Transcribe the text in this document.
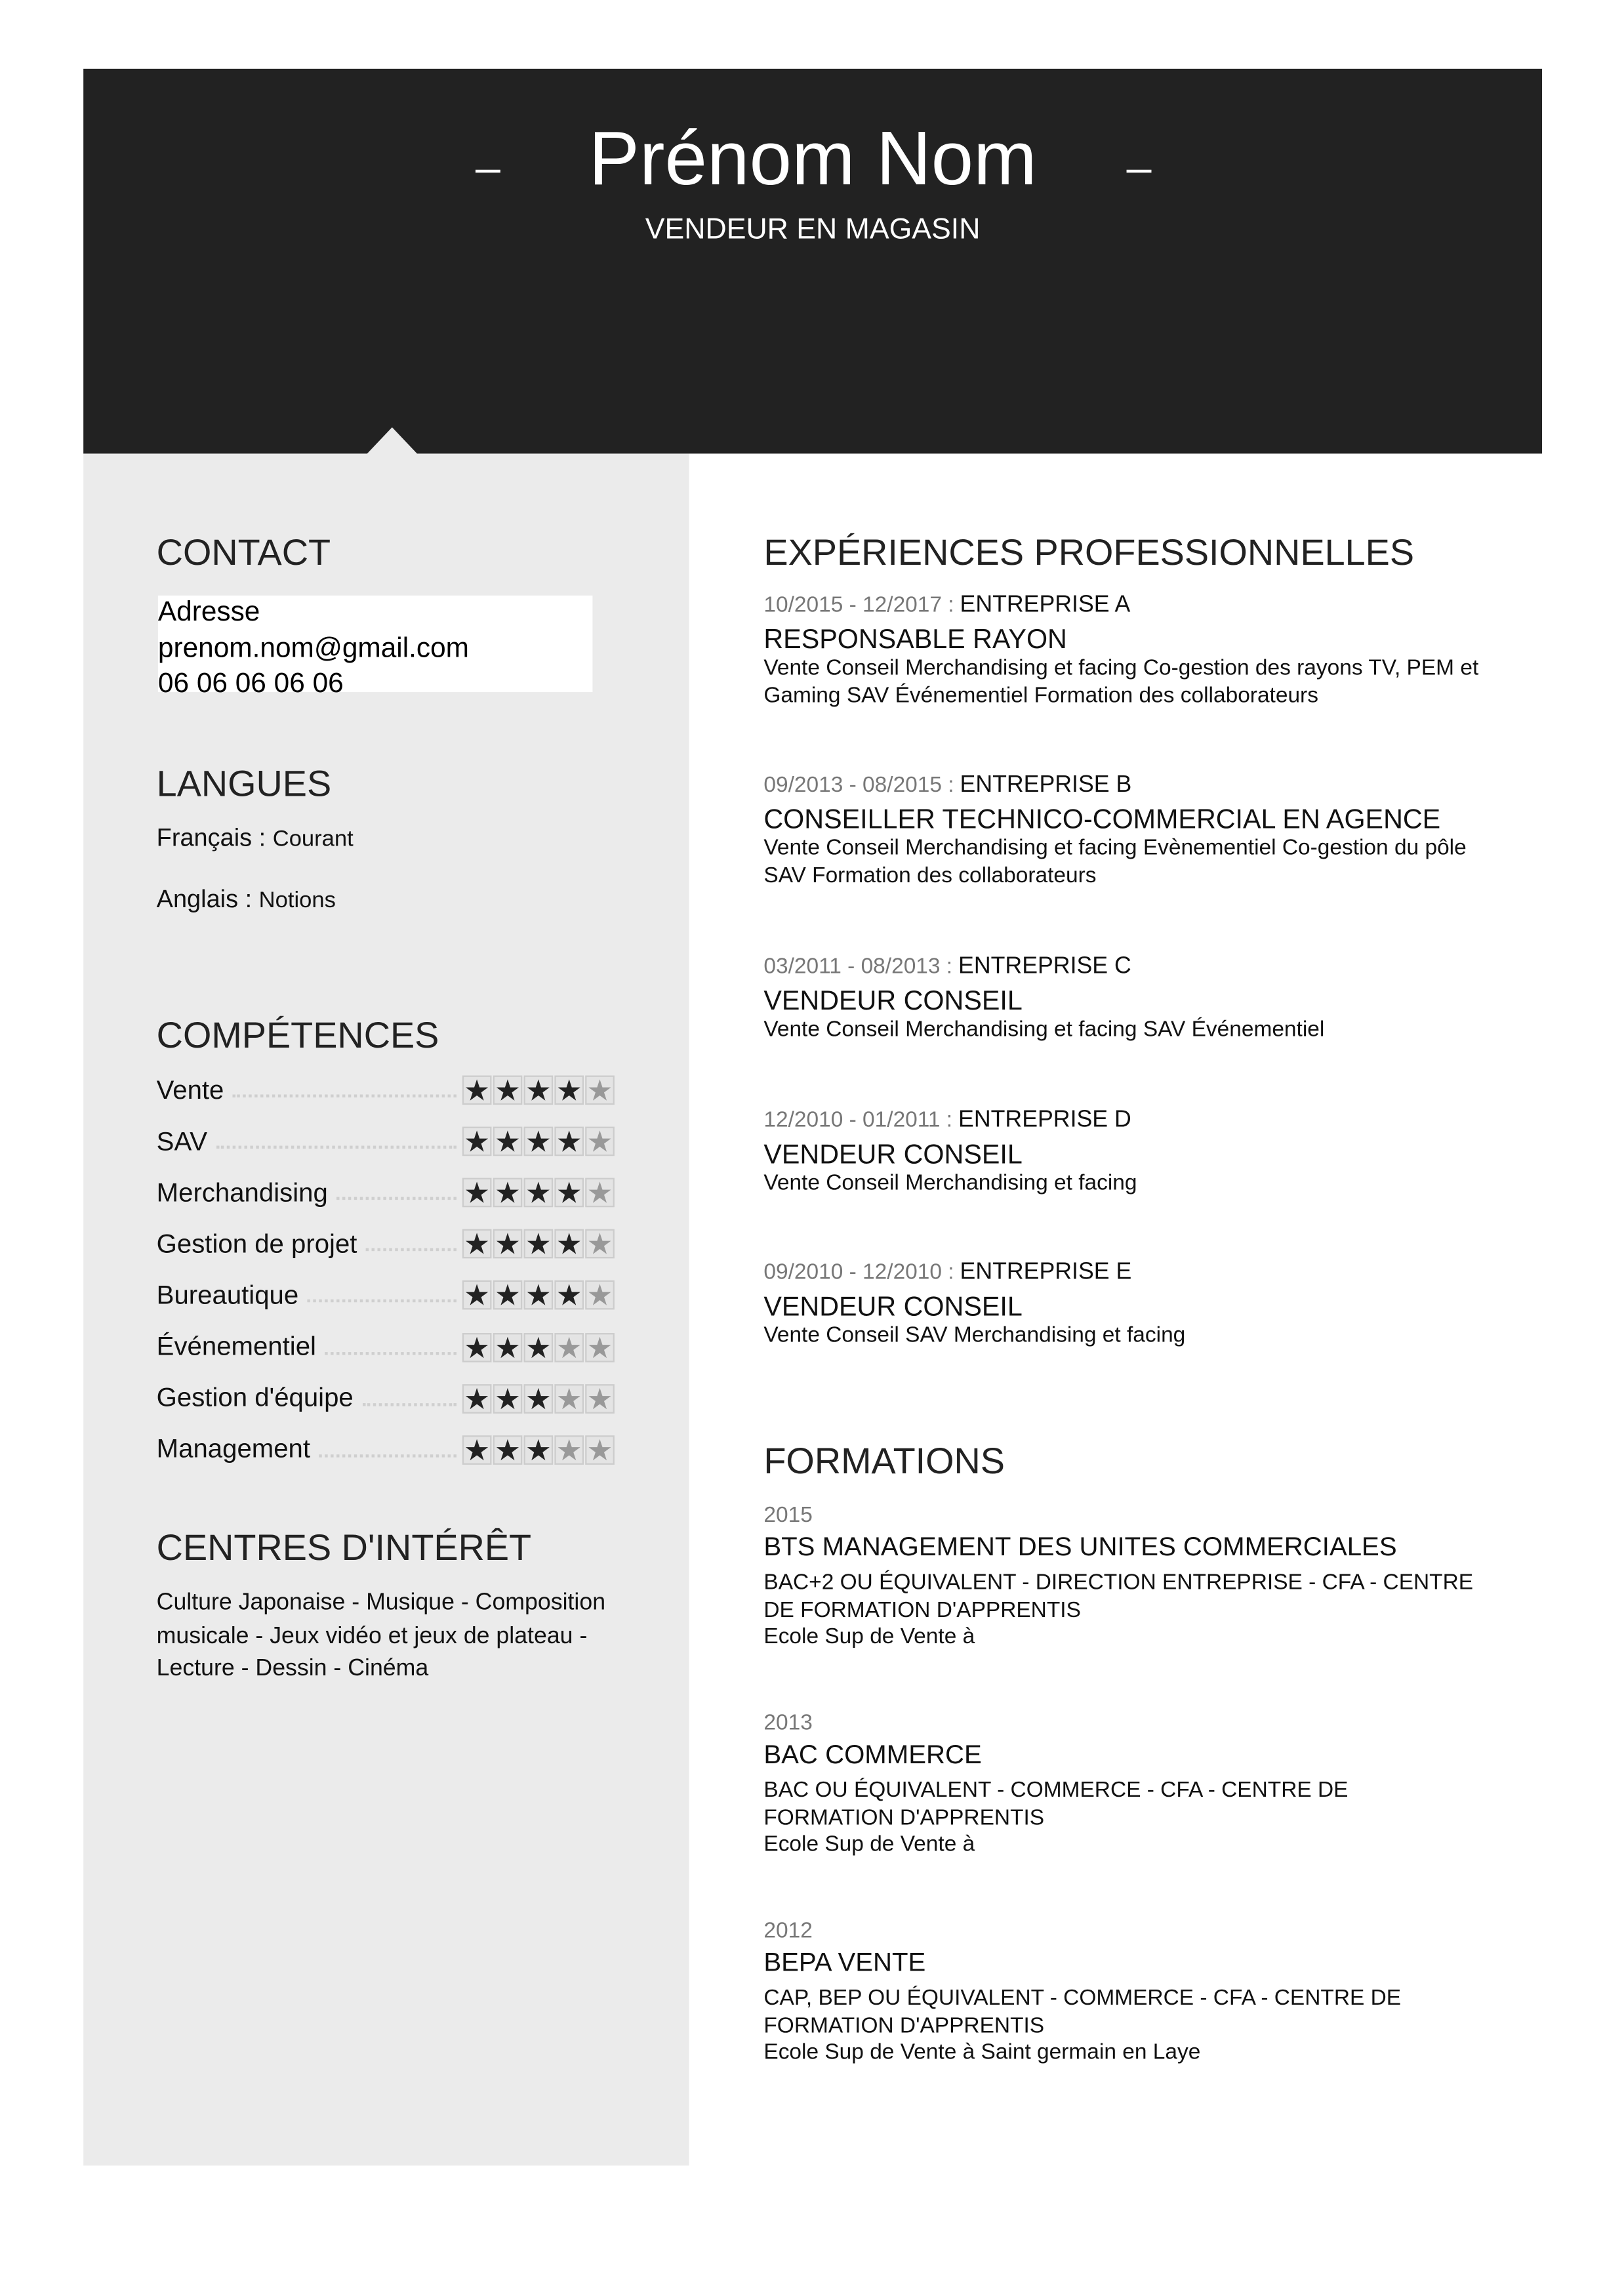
Prénom Nom
VENDEUR EN MAGASIN
CONTACT
Adresse
prenom.nom@gmail.com
06 06 06 06 06
LANGUES
Français : Courant
Anglais : Notions
COMPÉTENCES
Vente	★ ★ ★ ★ ★
SAV	★ ★ ★ ★ ★
Merchandising	★ ★ ★ ★ ★
Gestion de projet	★ ★ ★ ★ ★
Bureautique	★ ★ ★ ★ ★
Événementiel	★ ★ ★ ★ ★
Gestion d'équipe	★ ★ ★ ★ ★
Management	★ ★ ★ ★ ★
CENTRES D'INTÉRÊT
Culture Japonaise - Musique - Composition musicale - Jeux vidéo et jeux de plateau - Lecture - Dessin - Cinéma
EXPÉRIENCES PROFESSIONNELLES
10/2015 - 12/2017 : ENTREPRISE A
RESPONSABLE RAYON
Vente Conseil Merchandising et facing Co-gestion des rayons TV, PEM et Gaming SAV Événementiel Formation des collaborateurs
09/2013 - 08/2015 : ENTREPRISE B
CONSEILLER TECHNICO-COMMERCIAL EN AGENCE
Vente Conseil Merchandising et facing Evènementiel Co-gestion du pôle SAV Formation des collaborateurs
03/2011 - 08/2013 : ENTREPRISE C
VENDEUR CONSEIL
Vente Conseil Merchandising et facing SAV Événementiel
12/2010 - 01/2011 : ENTREPRISE D
VENDEUR CONSEIL
Vente Conseil Merchandising et facing
09/2010 - 12/2010 : ENTREPRISE E
VENDEUR CONSEIL
Vente Conseil SAV Merchandising et facing
FORMATIONS
2015
BTS MANAGEMENT DES UNITES COMMERCIALES
BAC+2 OU ÉQUIVALENT - DIRECTION ENTREPRISE - CFA - CENTRE DE FORMATION D'APPRENTIS
Ecole Sup de Vente à
2013
BAC COMMERCE
BAC OU ÉQUIVALENT - COMMERCE - CFA - CENTRE DE FORMATION D'APPRENTIS
Ecole Sup de Vente à
2012
BEPA VENTE
CAP, BEP OU ÉQUIVALENT - COMMERCE - CFA - CENTRE DE FORMATION D'APPRENTIS
Ecole Sup de Vente à Saint germain en Laye
